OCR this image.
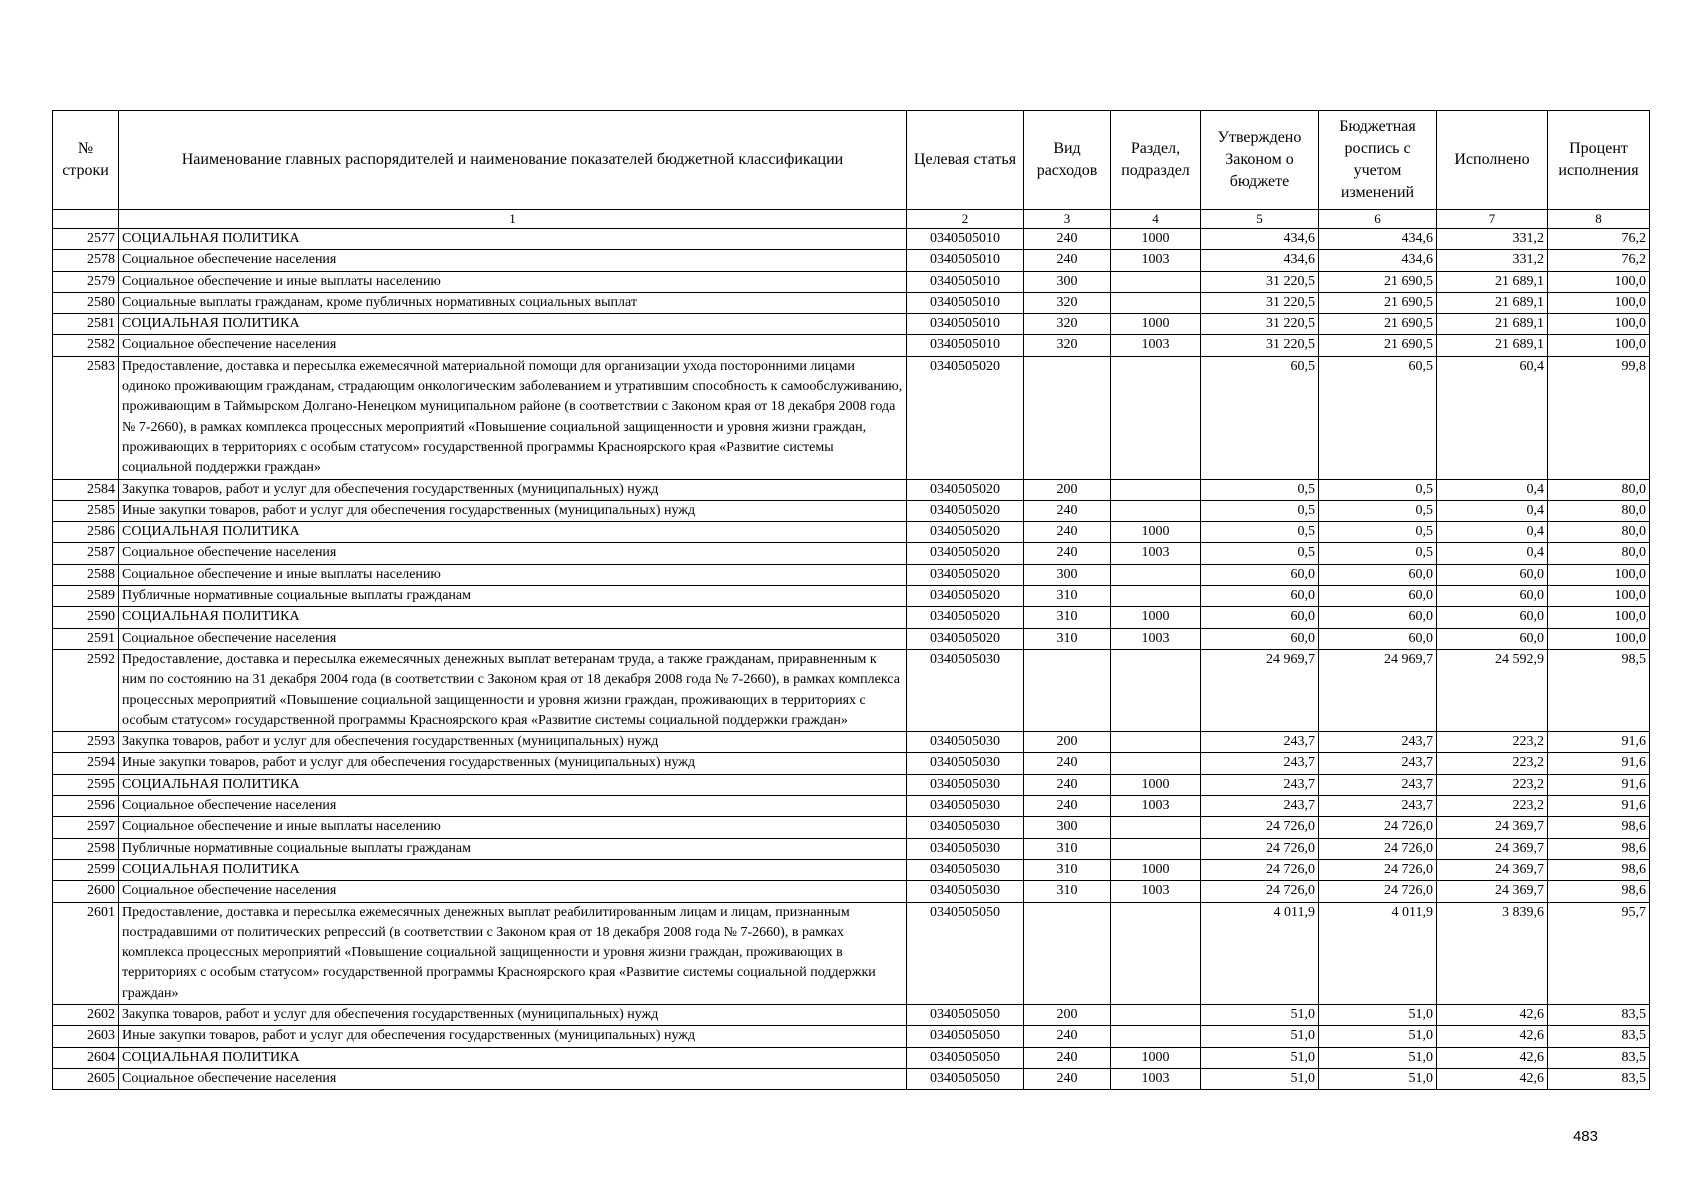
№ строки	Наименование главных распорядителей и наименование показателей бюджетной классификации	Целевая статья	Вид расходов	Раздел, подраздел	Утверждено Законом о бюджете	Бюджетная роспись с учетом изменений	Исполнено	Процент исполнения
	1	2	3	4	5	6	7	8
2577	СОЦИАЛЬНАЯ ПОЛИТИКА	0340505010	240	1000	434,6	434,6	331,2	76,2
2578	Социальное обеспечение населения	0340505010	240	1003	434,6	434,6	331,2	76,2
2579	Социальное обеспечение и иные выплаты населению	0340505010	300		31 220,5	21 690,5	21 689,1	100,0
2580	Социальные выплаты гражданам, кроме публичных нормативных социальных выплат	0340505010	320		31 220,5	21 690,5	21 689,1	100,0
2581	СОЦИАЛЬНАЯ ПОЛИТИКА	0340505010	320	1000	31 220,5	21 690,5	21 689,1	100,0
2582	Социальное обеспечение населения	0340505010	320	1003	31 220,5	21 690,5	21 689,1	100,0
2583	Предоставление, доставка и пересылка ежемесячной материальной помощи для организации ухода посторонними лицами одиноко проживающим гражданам, страдающим онкологическим заболеванием и утратившим способность к самообслуживанию, проживающим в Таймырском Долгано-Ненецком муниципальном районе (в соответствии с Законом края от 18 декабря 2008 года № 7-2660), в рамках комплекса процессных мероприятий «Повышение социальной защищенности и уровня жизни граждан, проживающих в территориях с особым статусом» государственной программы Красноярского края «Развитие системы социальной поддержки граждан»	0340505020			60,5	60,5	60,4	99,8
2584	Закупка товаров, работ и услуг для обеспечения государственных (муниципальных) нужд	0340505020	200		0,5	0,5	0,4	80,0
2585	Иные закупки товаров, работ и услуг для обеспечения государственных (муниципальных) нужд	0340505020	240		0,5	0,5	0,4	80,0
2586	СОЦИАЛЬНАЯ ПОЛИТИКА	0340505020	240	1000	0,5	0,5	0,4	80,0
2587	Социальное обеспечение населения	0340505020	240	1003	0,5	0,5	0,4	80,0
2588	Социальное обеспечение и иные выплаты населению	0340505020	300		60,0	60,0	60,0	100,0
2589	Публичные нормативные социальные выплаты гражданам	0340505020	310		60,0	60,0	60,0	100,0
2590	СОЦИАЛЬНАЯ ПОЛИТИКА	0340505020	310	1000	60,0	60,0	60,0	100,0
2591	Социальное обеспечение населения	0340505020	310	1003	60,0	60,0	60,0	100,0
2592	Предоставление, доставка и пересылка ежемесячных денежных выплат ветеранам труда, а также гражданам, приравненным к ним по состоянию на 31 декабря 2004 года (в соответствии с Законом края от 18 декабря 2008 года № 7-2660), в рамках комплекса процессных мероприятий «Повышение социальной защищенности и уровня жизни граждан, проживающих в территориях с особым статусом» государственной программы Красноярского края «Развитие системы социальной поддержки граждан»	0340505030			24 969,7	24 969,7	24 592,9	98,5
2593	Закупка товаров, работ и услуг для обеспечения государственных (муниципальных) нужд	0340505030	200		243,7	243,7	223,2	91,6
2594	Иные закупки товаров, работ и услуг для обеспечения государственных (муниципальных) нужд	0340505030	240		243,7	243,7	223,2	91,6
2595	СОЦИАЛЬНАЯ ПОЛИТИКА	0340505030	240	1000	243,7	243,7	223,2	91,6
2596	Социальное обеспечение населения	0340505030	240	1003	243,7	243,7	223,2	91,6
2597	Социальное обеспечение и иные выплаты населению	0340505030	300		24 726,0	24 726,0	24 369,7	98,6
2598	Публичные нормативные социальные выплаты гражданам	0340505030	310		24 726,0	24 726,0	24 369,7	98,6
2599	СОЦИАЛЬНАЯ ПОЛИТИКА	0340505030	310	1000	24 726,0	24 726,0	24 369,7	98,6
2600	Социальное обеспечение населения	0340505030	310	1003	24 726,0	24 726,0	24 369,7	98,6
2601	Предоставление, доставка и пересылка ежемесячных денежных выплат реабилитированным лицам и лицам, признанным пострадавшими от политических репрессий (в соответствии с Законом края от 18 декабря 2008 года № 7-2660), в рамках комплекса процессных мероприятий «Повышение социальной защищенности и уровня жизни граждан, проживающих в территориях с особым статусом» государственной программы Красноярского края «Развитие системы социальной поддержки граждан»	0340505050			4 011,9	4 011,9	3 839,6	95,7
2602	Закупка товаров, работ и услуг для обеспечения государственных (муниципальных) нужд	0340505050	200		51,0	51,0	42,6	83,5
2603	Иные закупки товаров, работ и услуг для обеспечения государственных (муниципальных) нужд	0340505050	240		51,0	51,0	42,6	83,5
2604	СОЦИАЛЬНАЯ ПОЛИТИКА	0340505050	240	1000	51,0	51,0	42,6	83,5
2605	Социальное обеспечение населения	0340505050	240	1003	51,0	51,0	42,6	83,5
483
